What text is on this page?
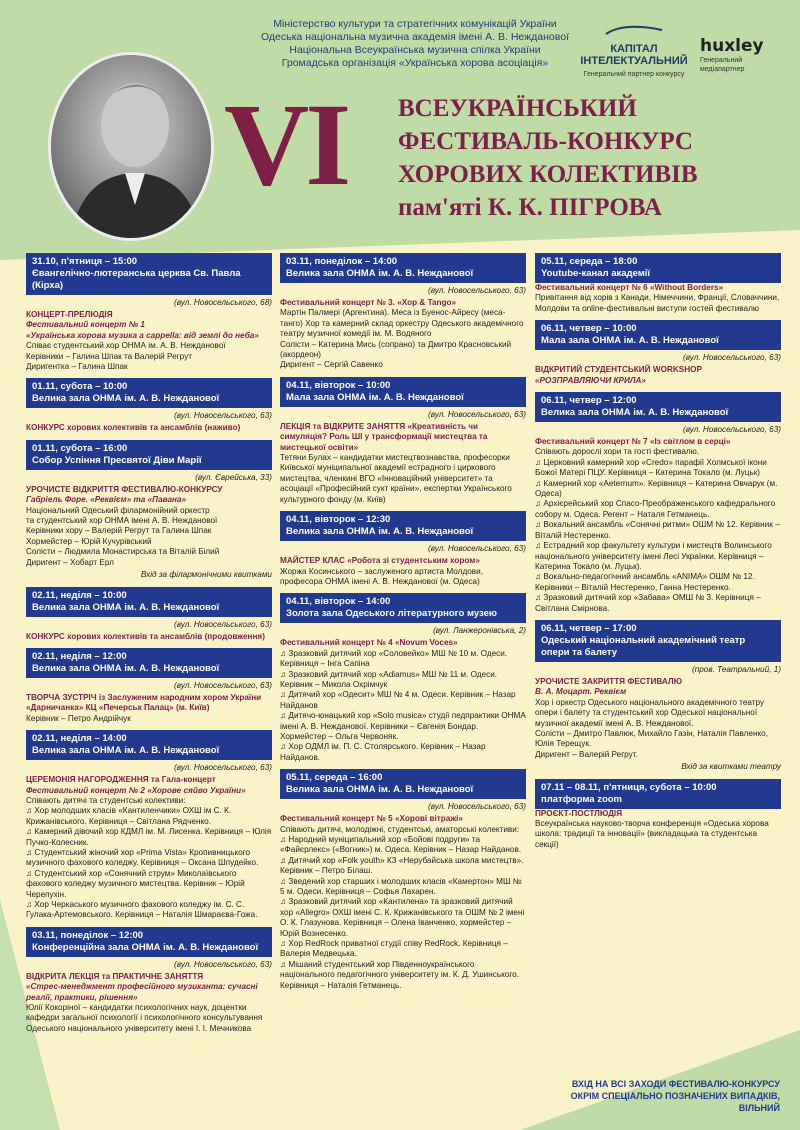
Міністерство культури та стратегічних комунікацій України
Одеська національна музична академія імені А. В. Нежданової
Національна Всеукраїнська музична спілка України
Громадська організація «Українська хорова асоціація»
КАПІТАЛ
ІНТЕЛЕКТУАЛЬНИЙ
Генеральний партнер конкурсу
huxley
Генеральний
медіапартнер
VI ВСЕУКРАЇНСЬКИЙ
ФЕСТИВАЛЬ-КОНКУРС
ХОРОВИХ КОЛЕКТИВІВ
пам'яті К. К. ПІГРОВА
31.10, п'ятниця – 15:00
Євангелічно-лютеранська церква Св. Павла (Кірха)
(вул. Новосельського, 68)
КОНЦЕРТ-ПРЕЛЮДІЯ
Фестивальний концерт № 1
«Українська хорова музика a cappella: від землі до неба»
Співає студентський хор ОНМА ім. А. В. Нежданової
Керівники – Галина Шпак та Валерій Регрут
Диригентка – Галина Шпак
01.11, субота – 10:00
Велика зала ОНМА ім. А. В. Нежданової
(вул. Новосельського, 63)
КОНКУРС хорових колективів та ансамблів (наживо)
01.11, субота – 16:00
Собор Успіння Пресвятої Діви Марії
(вул. Єврейська, 33)
УРОЧИСТЕ ВІДКРИТТЯ ФЕСТИВАЛЮ-КОНКУРСУ
Габріель Форе. «Реквієм» та «Павана»
Національний Одеський філармонійний оркестр
та студентський хор ОНМА імені А. В. Нежданової
Керівники хору – Валерій Регрут та Галина Шпак
Хормейстер – Юрій Кучурівський
Солісти – Людмила Монастирська та Віталій Білий
Диригент – Хобарт Ерл
Вхід за філармонічними квитками
02.11, неділя – 10:00
Велика зала ОНМА ім. А. В. Нежданової
(вул. Новосельського, 63)
КОНКУРС хорових колективів та ансамблів (продовження)
02.11, неділя – 12:00
Велика зала ОНМА ім. А. В. Нежданової
(вул. Новосельського, 63)
ТВОРЧА ЗУСТРІЧ із Заслуженим народним хором України «Дарничанка» КЦ «Печерськ Палац» (м. Київ)
Керівник – Петро Андрійчук
02.11, неділя – 14:00
Велика зала ОНМА ім. А. В. Нежданової
(вул. Новосельського, 63)
ЦЕРЕМОНІЯ НАГОРОДЖЕННЯ та Гала-концерт
Фестивальний концерт № 2 «Хорове сяйво України»
Співають дитячі та студентські колективи:
♫ Хор молодших класів «Кантиленчики» ОХШ ім С. К. Крижанівського. Керівниця – Світлана Рядченко.
♫ Камерний дівочий хор КДМЛ ім. М. Лисенка. Керівниця – Юлія Пучко-Колесник.
♫ Студентський жіночий хор «Prima Vista» Кропивницького музичного фахового коледжу. Керівниця – Оксана Шпудейко.
♫ Студентський хор «Сонячний струм» Миколаївського фахового коледжу музичного мистецтва. Керівник – Юрій Черепухін.
♫ Хор Черкаського музичного фахового коледжу ім. С. С. Гулака-Артемовського. Керівниця – Наталія Шмараєва-Гожа.
03.11, понеділок – 12:00
Конференційна зала ОНМА ім. А. В. Нежданової
(вул. Новосельського, 63)
ВІДКРИТА ЛЕКЦІЯ та ПРАКТИЧНЕ ЗАНЯТТЯ
«Стрес-менеджмент професійного музиканта: сучасні реалії, практики, рішення»
Юлії Кокоріної – кандидатки психологічних наук, доцентки кафедри загальної психології і психологічного консультування Одеського національного університету імені І. І. Мечникова
03.11, понеділок – 14:00
Велика зала ОНМА ім. А. В. Нежданової
(вул. Новосельського, 63)
Фестивальний концерт № 3. «Хор & Tango»
Мартін Палмері (Аргентина). Меса із Буенос-Айресу (меса-танго) Хор та камерний склад оркестру Одеського академічного театру музичної комедії ім. М. Водяного
Солісти – Катерина Мись (сопрано) та Дмитро Красновський (акордеон)
Диригент – Сергій Савенко
04.11, вівторок – 10:00
Мала зала ОНМА ім. А. В. Нежданової
(вул. Новосельського, 63)
ЛЕКЦІЯ та ВІДКРИТЕ ЗАНЯТТЯ «Креативність чи симуляція? Роль ШІ у трансформації мистецтва та мистецької освіти»
Тетяни Булах – кандидатки мистецтвознавства, професорки Київської муніципальної академії естрадного і циркового мистецтва, членкині ВГО «Інноваційний університет» та асоціації «Професійний сукт країни», експертки Українського культурного фонду (м. Київ)
04.11, вівторок – 12:30
Велика зала ОНМА ім. А. В. Нежданової
(вул. Новосельського, 63)
МАЙСТЕР КЛАС «Робота зі студентським хором»
Жоржа Косинського – заслуженого артиста Молдови, професора ОНМА імені А. В. Нежданової (м. Одеса)
04.11, вівторок – 14:00
Золота зала Одеського літературного музею
(вул. Ланжеронівська, 2)
Фестивальний концерт № 4 «Novum Voces»
♫ Зразковий дитячий хор «Соловейко» МШ № 10 м. Одеси. Керівниця – Інга Сапіна
♫ Зразковий дитячий хор «Adiamus» МШ № 11 м. Одеси. Керівник – Микола Охрімчук
♫ Дитячий хор «Одесит» МШ № 4 м. Одеси. Керівник – Назар Найданов
♫ Дитячо-юнацький хор «Solo musica» студії педпрактики ОНМА імені А. В. Нежданової. Керівники – Євгенія Бондар. Хормейстер – Ольга Червоняк.
♫ Хор ОДМЛ ім. П. С. Столярського. Керівник – Назар Найданов.
05.11, середа – 16:00
Велика зала ОНМА ім. А. В. Нежданової
(вул. Новосельського, 63)
Фестивальний концерт № 5 «Хорові вітражі»
Співають дитячі, молодіжні, студентські, аматорські колективи:
♫ Народний муніципальний хор «Бойові подруги» та «Файєрлекс» («Вогник») м. Одеса. Керівник – Назар Найданов.
♫ Дитячий хор «Folk youth» КЗ «Нерубайська школа мистецтв». Керівник – Петро Білаш.
♫ Зведений хор старших і молодших класів «Камертон» МШ № 5 м. Одеси. Керівниця – Софья Лахарен.
♫ Зразковий дитячий хор «Кантилена» та зразковий дитячий хор «Allegro» ОХШ імені С. К. Крижанівського та ОШМ № 2 імені О. К. Глазунова. Керівниця – Олена Іванченко, хормейстер – Юрій Вознесенко.
♫ Хор RedRock приватної студії співу RedRock. Керівниця – Валерія Медвецька.
♫ Мішаний студентський хор Південноукраїнського національного педагогічного університету ім. К. Д. Ушинського. Керівниця – Наталія Гетманець.
05.11, середа – 18:00
Youtube-канал академії
Фестивальний концерт № 6 «Without Borders»
Привітання від хорів з Канади, Німеччини, Франції, Словаччини, Молдови та online-фестивальні виступи гостей фестивалю
06.11, четвер – 10:00
Мала зала ОНМА ім. А. В. Нежданової
(вул. Новосельського, 63)
ВІДКРИТИЙ СТУДЕНТСЬКИЙ WORKSHOP
«РОЗПРАВЛЯЮЧИ КРИЛА»
06.11, четвер – 12:00
Велика зала ОНМА ім. А. В. Нежданової
(вул. Новосельського, 63)
Фестивальний концерт № 7 «Із світлом в серці»
Співають дорослі хори та гості фестивалю.
♫ Церковний камерний хор «Credo» парафії Холмської ікони Божої Матері ПЦУ. Керівниця – Катерина Токало (м. Луцьк)
♫ Камерний хор «Aeternum». Керівниця – Катерина Овчарук (м. Одеса)
♫ Архієрейський хор Спасо-Преображенського кафедрального собору м. Одеса. Регент – Наталя Гетманець.
♫ Вокальний ансамбль «Сонячні ритми» ОШМ № 12. Керівник – Віталій Нестеренко.
♫ Естрадний хор факультету культури і мистецтв Волинського національного університету імені Лесі Українки. Керівниця – Катерина Токало (м. Луцьк).
♫ Вокально-педагогічний ансамбль «ANIMA» ОШМ № 12. Керівники – Віталій Нестеренко, Ганна Нестеренко.
♫ Зразковий дитячий хор «Забава» ОМШ № 3. Керівниця – Світлана Смірнова.
06.11, четвер – 17:00
Одеський національний академічний театр опери та балету
(пров. Театральний, 1)
УРОЧИСТЕ ЗАКРИТТЯ ФЕСТИВАЛЮ
В. А. Моцарт. Реквієм
Хор і оркестр Одеського національного академічного театру опери і балету та студентський хор Одеської національної музичної академії імені А. В. Нежданової.
Солісти – Дмитро Павлюк, Михайло Газін, Наталія Павленко, Юлія Терещук.
Диригент – Валерій Регрут.
Вхід за квитками театру
07.11 – 08.11, п'ятниця, субота – 10:00
платформа zoom
ПРОЄКТ-ПОСТЛЮДІЯ
Всеукраїнська науково-творча конференція «Одеська хорова школа: традиції та інновації» (викладацька та студентська секції)
ВХІД НА ВСІ ЗАХОДИ ФЕСТИВАЛЮ-КОНКУРСУ
ОКРІМ СПЕЦІАЛЬНО ПОЗНАЧЕНИХ ВИПАДКІВ, ВІЛЬНИЙ
